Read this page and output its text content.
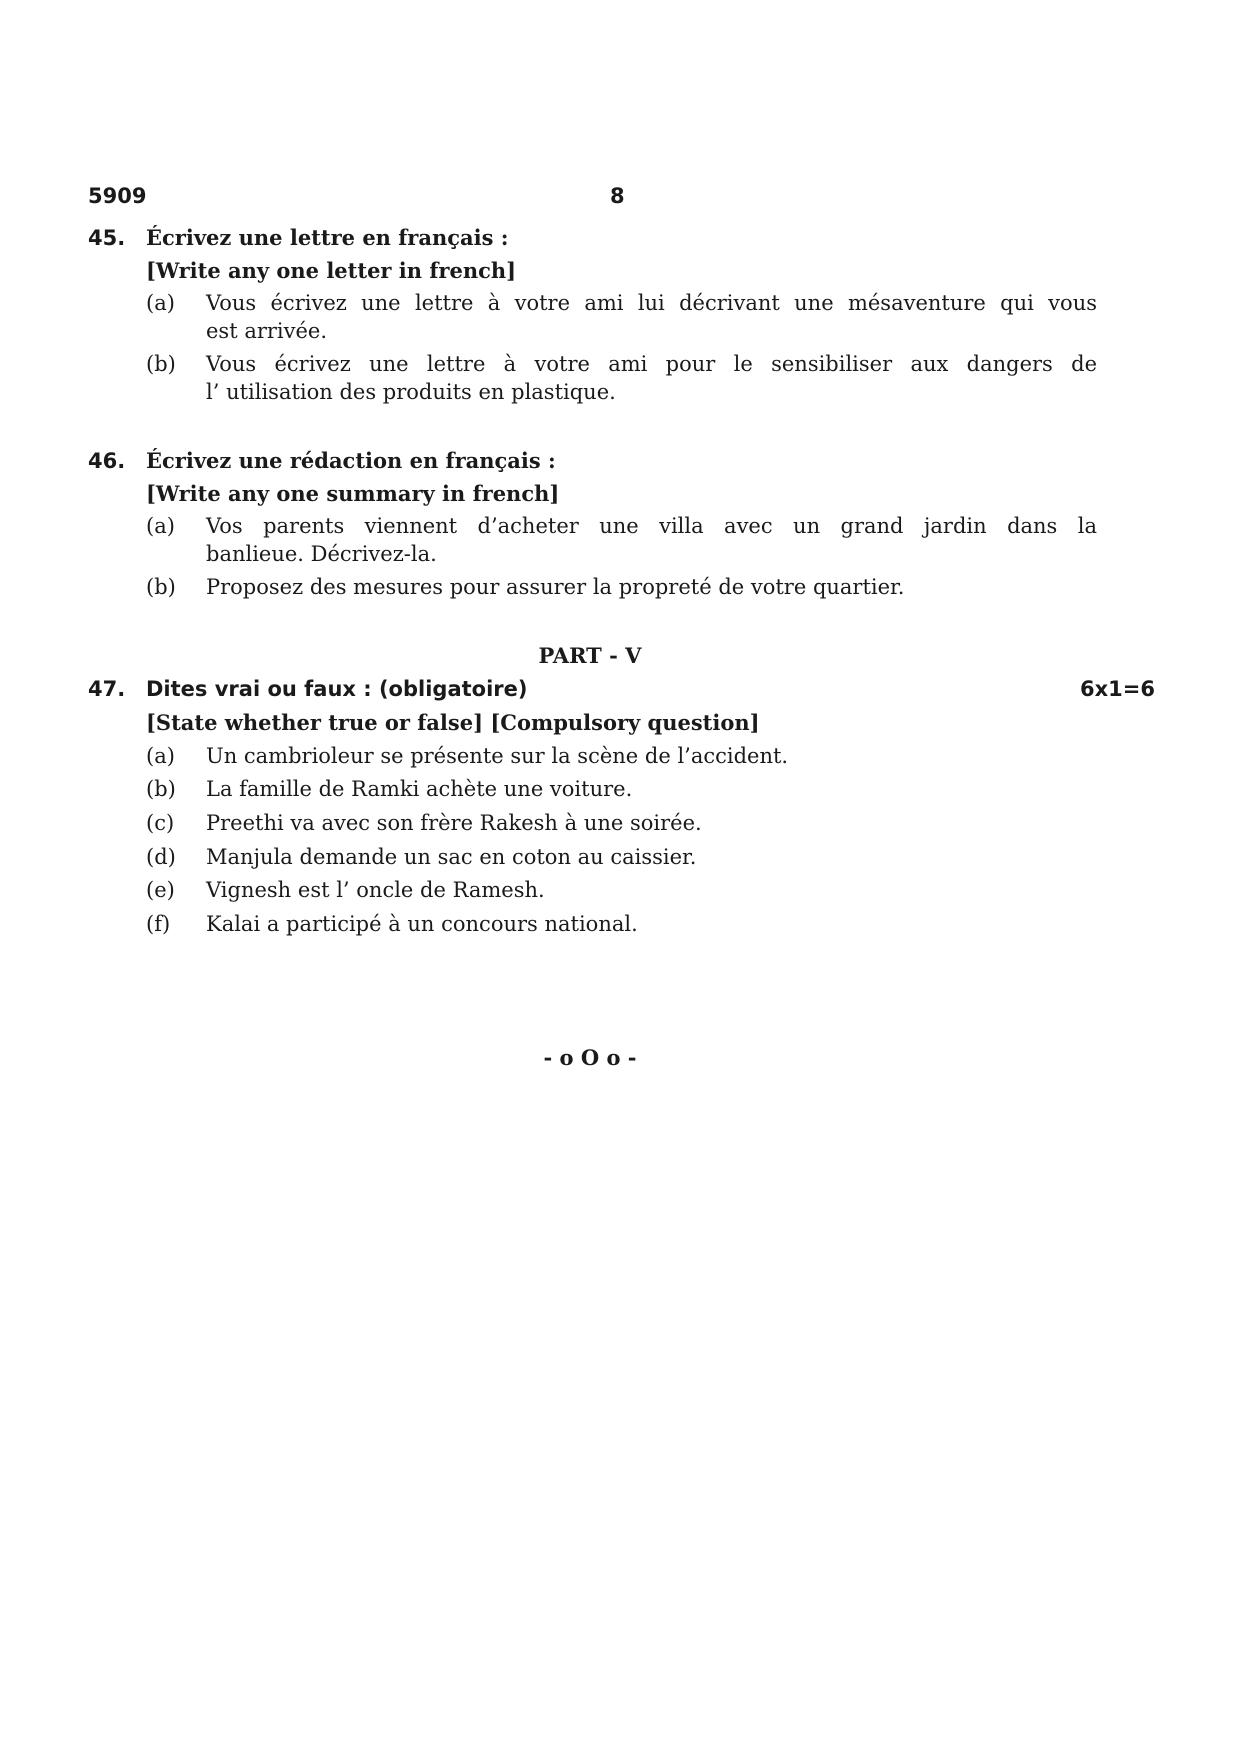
5909	8
45. Écrivez une lettre en français :
[Write any one letter in french]
(a) Vous écrivez une lettre à votre ami lui décrivant une mésaventure qui vous
est arrivée.
(b) Vous écrivez une lettre à votre ami pour le sensibiliser aux dangers de
l’ utilisation des produits en plastique.
46. Écrivez une rédaction en français :
[Write any one summary in french]
(a) Vos parents viennent d’acheter une villa avec un grand jardin dans la
banlieue. Décrivez-la.
(b) Proposez des mesures pour assurer la propreté de votre quartier.
PART - V
47. Dites vrai ou faux : (obligatoire)	6x1=6
[State whether true or false] [Compulsory question]
(a) Un cambrioleur se présente sur la scène de l’accident.
(b) La famille de Ramki achète une voiture.
(c) Preethi va avec son frère Rakesh à une soirée.
(d) Manjula demande un sac en coton au caissier.
(e) Vignesh est l’ oncle de Ramesh.
(f) Kalai a participé à un concours national.
- o O o -
